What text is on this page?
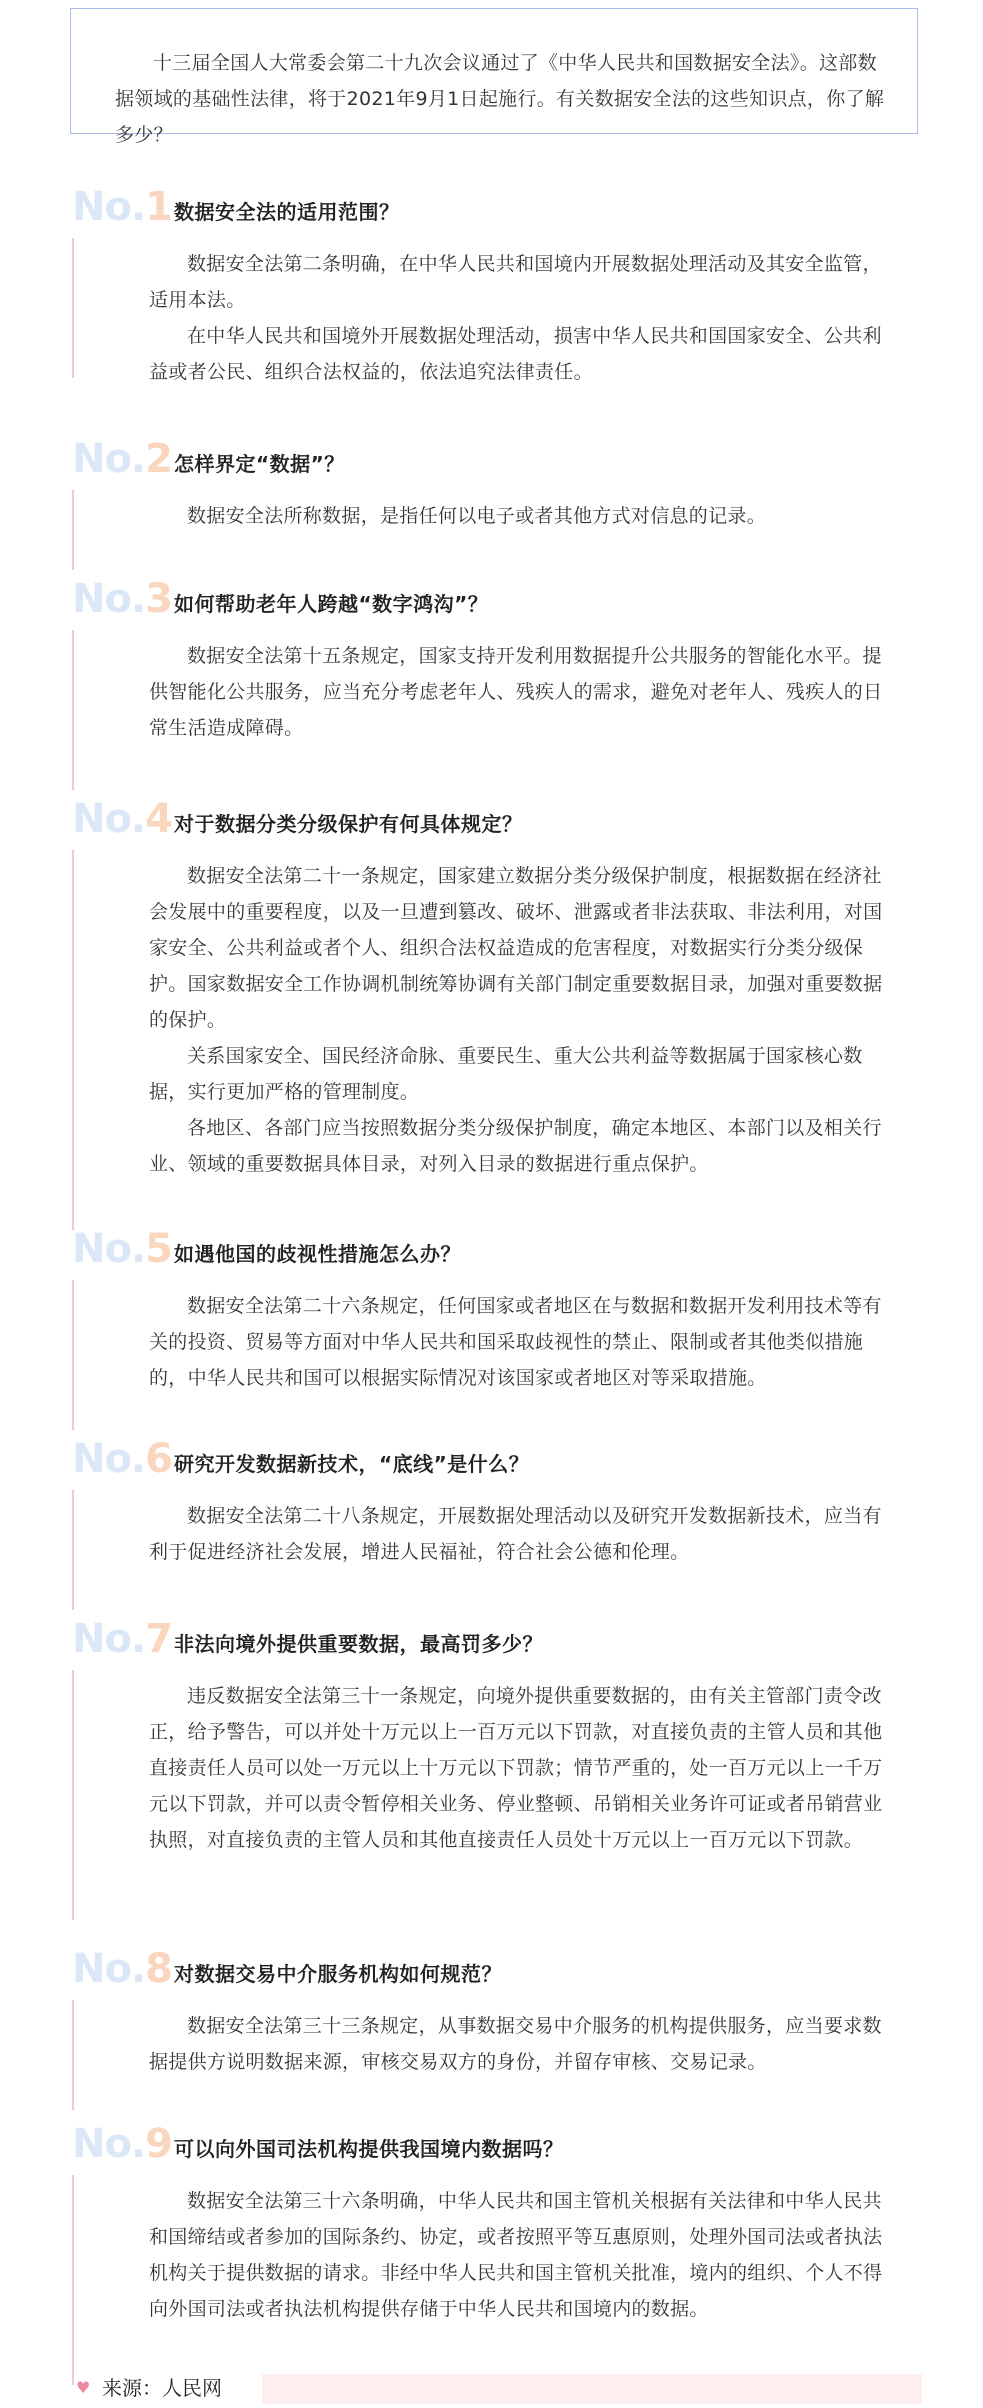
十三届全国人大常委会第二十九次会议通过了《中华人民共和国数据安全法》。这部数据领域的基础性法律，将于2021年9月1日起施行。有关数据安全法的这些知识点，你了解多少？
No.1 数据安全法的适用范围？

数据安全法第二条明确，在中华人民共和国境内开展数据处理活动及其安全监管，适用本法。

在中华人民共和国境外开展数据处理活动，损害中华人民共和国国家安全、公共利益或者公民、组织合法权益的，依法追究法律责任。

No.2 怎样界定“数据”？

数据安全法所称数据，是指任何以电子或者其他方式对信息的记录。

No.3 如何帮助老年人跨越“数字鸿沟”？

数据安全法第十五条规定，国家支持开发利用数据提升公共服务的智能化水平。提供智能化公共服务，应当充分考虑老年人、残疾人的需求，避免对老年人、残疾人的日常生活造成障碍。

No.4 对于数据分类分级保护有何具体规定？

数据安全法第二十一条规定，国家建立数据分类分级保护制度，根据数据在经济社会发展中的重要程度，以及一旦遭到篡改、破坏、泄露或者非法获取、非法利用，对国家安全、公共利益或者个人、组织合法权益造成的危害程度，对数据实行分类分级保护。国家数据安全工作协调机制统筹协调有关部门制定重要数据目录，加强对重要数据的保护。

关系国家安全、国民经济命脉、重要民生、重大公共利益等数据属于国家核心数据，实行更加严格的管理制度。

各地区、各部门应当按照数据分类分级保护制度，确定本地区、本部门以及相关行业、领域的重要数据具体目录，对列入目录的数据进行重点保护。

No.5 如遇他国的歧视性措施怎么办？

数据安全法第二十六条规定，任何国家或者地区在与数据和数据开发利用技术等有关的投资、贸易等方面对中华人民共和国采取歧视性的禁止、限制或者其他类似措施的，中华人民共和国可以根据实际情况对该国家或者地区对等采取措施。

No.6 研究开发数据新技术，“底线”是什么？

数据安全法第二十八条规定，开展数据处理活动以及研究开发数据新技术，应当有利于促进经济社会发展，增进人民福祉，符合社会公德和伦理。

No.7 非法向境外提供重要数据，最高罚多少？

违反数据安全法第三十一条规定，向境外提供重要数据的，由有关主管部门责令改正，给予警告，可以并处十万元以上一百万元以下罚款，对直接负责的主管人员和其他直接责任人员可以处一万元以上十万元以下罚款；情节严重的，处一百万元以上一千万元以下罚款，并可以责令暂停相关业务、停业整顿、吊销相关业务许可证或者吊销营业执照，对直接负责的主管人员和其他直接责任人员处十万元以上一百万元以下罚款。

No.8 对数据交易中介服务机构如何规范？

数据安全法第三十三条规定，从事数据交易中介服务的机构提供服务，应当要求数据提供方说明数据来源，审核交易双方的身份，并留存审核、交易记录。

No.9 可以向外国司法机构提供我国境内数据吗？

数据安全法第三十六条明确，中华人民共和国主管机关根据有关法律和中华人民共和国缔结或者参加的国际条约、协定，或者按照平等互惠原则，处理外国司法或者执法机构关于提供数据的请求。非经中华人民共和国主管机关批准，境内的组织、个人不得向外国司法或者执法机构提供存储于中华人民共和国境内的数据。

♥ 来源：人民网
